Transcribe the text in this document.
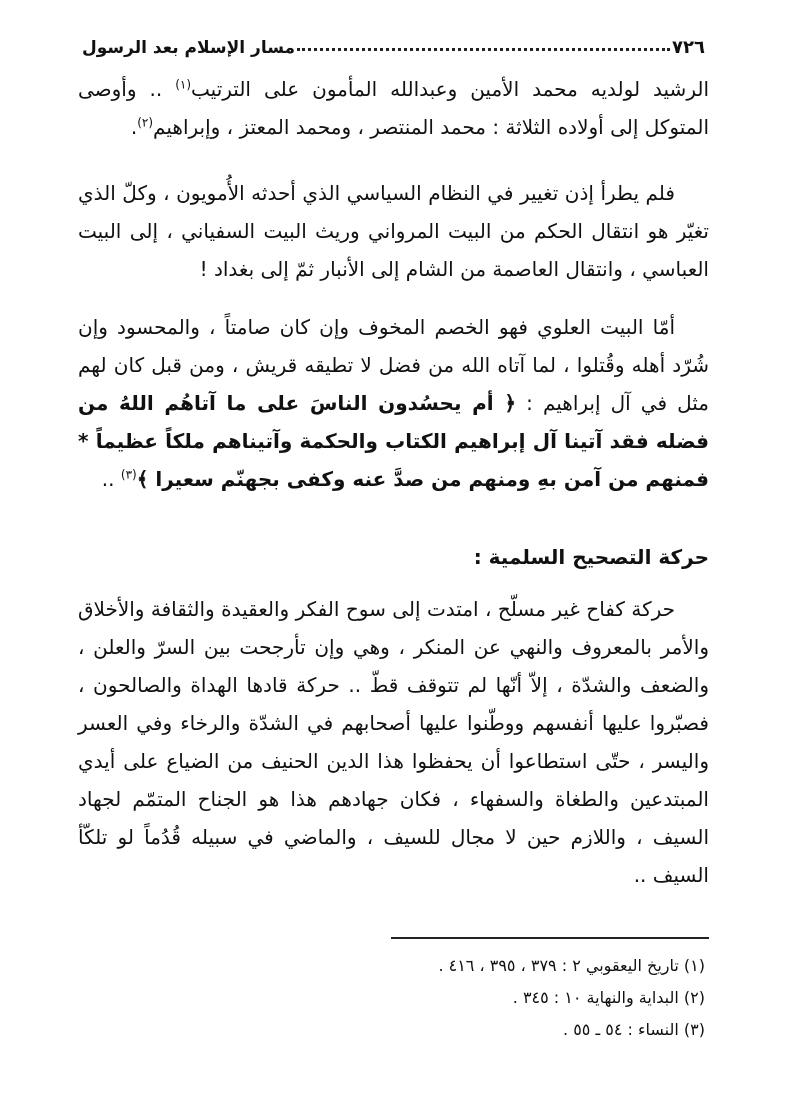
٧٢٦
مسار الإسلام بعد الرسول

الرشيد لولديه محمد الأمين وعبدالله المأمون على الترتيب$^{(١)}$ .. وأوصى المتوكل إلى أولاده الثلاثة : محمد المنتصر ، ومحمد المعتز ، وإبراهيم$^{(٢)}$.

فلم يطرأ إذن تغيير في النظام السياسي الذي أحدثه الأُمويون ، وكلّ الذي تغيّر هو انتقال الحكم من البيت المرواني وريث البيت السفياني ، إلى البيت العباسي ، وانتقال العاصمة من الشام إلى الأنبار ثمّ إلى بغداد !

أمّا البيت العلوي فهو الخصم المخوف وإن كان صامتاً ، والمحسود وإن شُرّد أهله وقُتلوا ، لما آتاه الله من فضل لا تطيقه قريش ، ومن قبل كان لهم مثل في آل إبراهيم : ﴿ أم يحسُدون الناسَ على ما آتاهُم اللهُ من فضله فقد آتينا آل إبراهيم الكتاب والحكمة وآتيناهم ملكاً عظيماً * فمنهم من آمن بهِ ومنهم من صدَّ عنه وكفى بجهنّم سعيرا ﴾$^{(٣)}$ ..

حركة التصحيح السلمية :

حركة كفاح غير مسلّح ، امتدت إلى سوح الفكر والعقيدة والثقافة والأخلاق والأمر بالمعروف والنهي عن المنكر ، وهي وإن تأرجحت بين السرّ والعلن ، والضعف والشدّة ، إلاّ أنّها لم تتوقف قطّ .. حركة قادها الهداة والصالحون ، فصبّروا عليها أنفسهم ووطّنوا عليها أصحابهم في الشدّة والرخاء وفي العسر واليسر ، حتّى استطاعوا أن يحفظوا هذا الدين الحنيف من الضياع على أيدي المبتدعين والطغاة والسفهاء ، فكان جهادهم هذا هو الجناح المتمّم لجهاد السيف ، واللازم حين لا مجال للسيف ، والماضي في سبيله قُدُماً لو تلكّأ السيف ..

(١) تاريخ اليعقوبي ٢ : ٣٧٩ ، ٣٩٥ ، ٤١٦ .
(٢) البداية والنهاية ١٠ : ٣٤٥ .
(٣) النساء : ٥٤ ـ ٥٥ .
